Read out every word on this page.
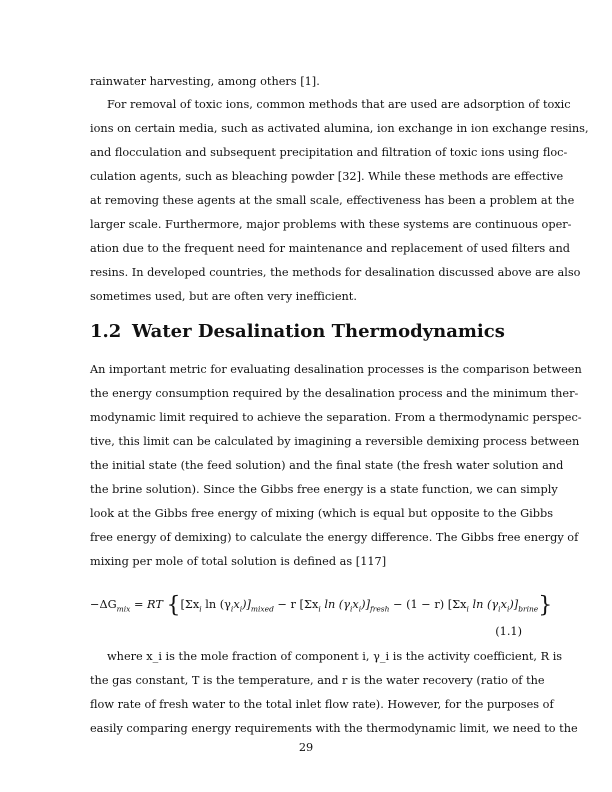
rainwater harvesting, among others [1].
For removal of toxic ions, common methods that are used are adsorption of toxic
ions on certain media, such as activated alumina, ion exchange in ion exchange resins,
and flocculation and subsequent precipitation and filtration of toxic ions using floc-
culation agents, such as bleaching powder [32]. While these methods are effective
at removing these agents at the small scale, effectiveness has been a problem at the
larger scale. Furthermore, major problems with these systems are continuous oper-
ation due to the frequent need for maintenance and replacement of used filters and
resins. In developed countries, the methods for desalination discussed above are also
sometimes used, but are often very inefficient.
1.2 Water Desalination Thermodynamics
An important metric for evaluating desalination processes is the comparison between
the energy consumption required by the desalination process and the minimum ther-
modynamic limit required to achieve the separation. From a thermodynamic perspec-
tive, this limit can be calculated by imagining a reversible demixing process between
the initial state (the feed solution) and the final state (the fresh water solution and
the brine solution). Since the Gibbs free energy is a state function, we can simply
look at the Gibbs free energy of mixing (which is equal but opposite to the Gibbs
free energy of demixing) to calculate the energy difference. The Gibbs free energy of
mixing per mole of total solution is defined as [117]
$-\Delta G_{mix}$ = RT {[$\Sigma x_i$ $\ln (\gamma_ix_i)]_{mixed} - r$ [$\Sigma x_i$ $\ln (\gamma_ix_i)]_{fresh} - (1 - r)$ [$\Sigma x_i$ $\ln (\gamma_ix_i)]_{brine}$}
(1.1)
where x_i is the mole fraction of component i, γ_i is the activity coefficient, R is
the gas constant, T is the temperature, and r is the water recovery (ratio of the
flow rate of fresh water to the total inlet flow rate). However, for the purposes of
easily comparing energy requirements with the thermodynamic limit, we need to the
29
